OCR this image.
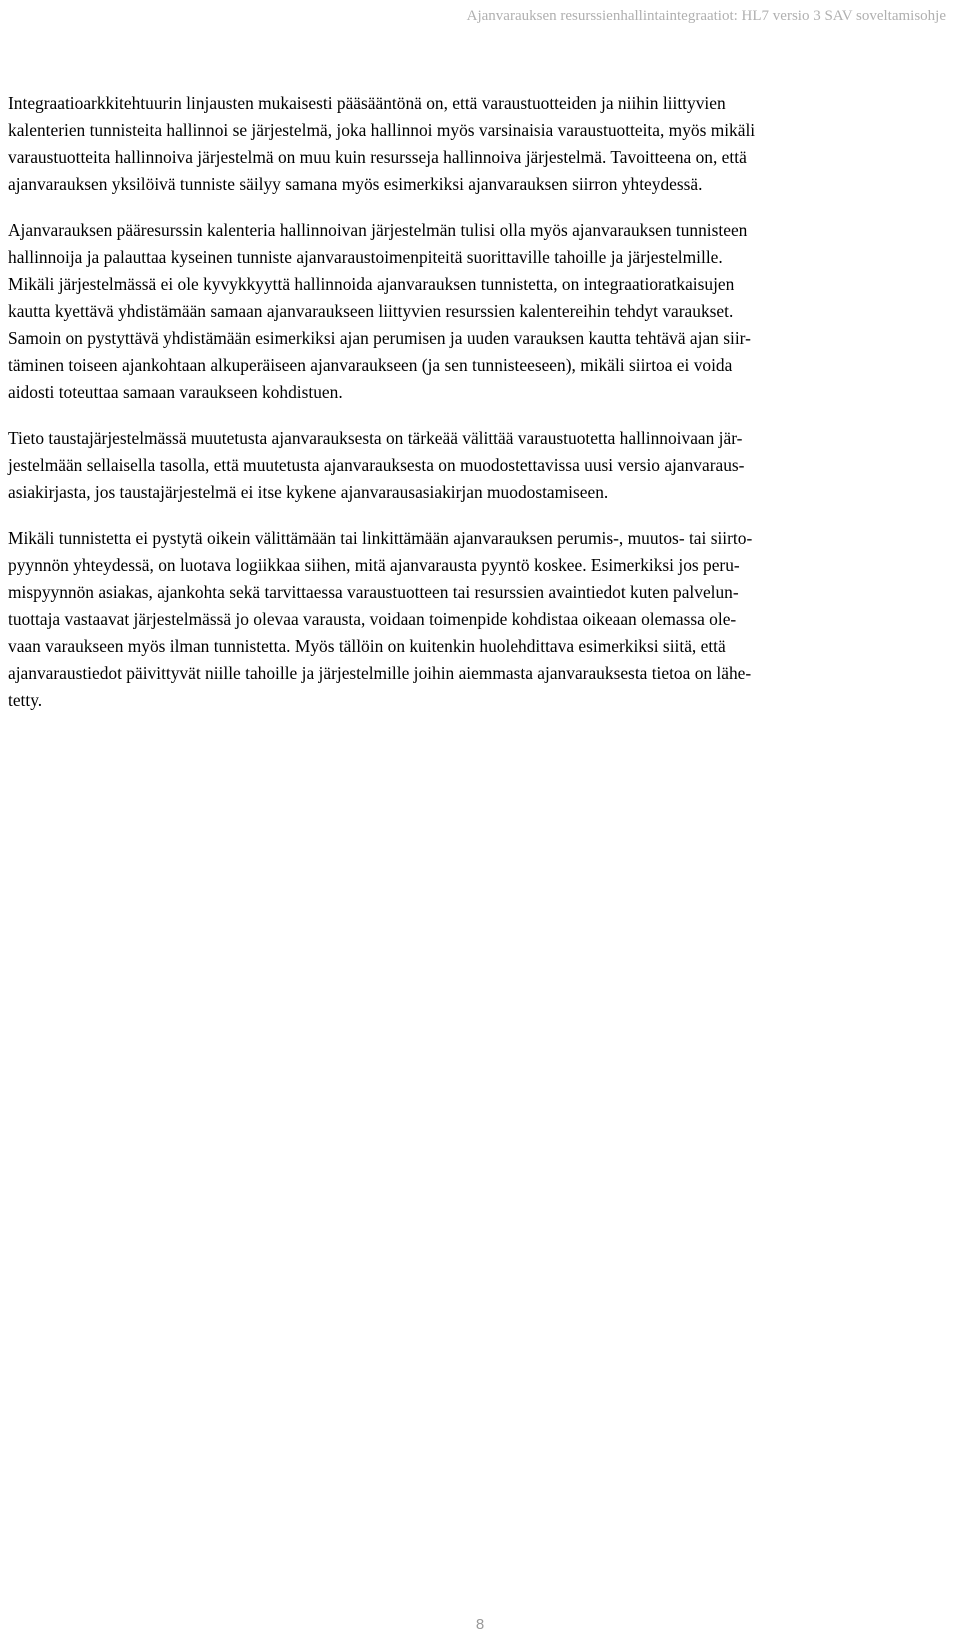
Ajanvarauksen resurssienhallintaintegraatiot: HL7 versio 3 SAV soveltamisohje

Integraatioarkkitehtuurin linjausten mukaisesti pääsääntönä on, että varaustuotteiden ja niihin liittyvien
kalenterien tunnisteita hallinnoi se järjestelmä, joka hallinnoi myös varsinaisia varaustuotteita, myös mikäli
varaustuotteita hallinnoiva järjestelmä on muu kuin resursseja hallinnoiva järjestelmä. Tavoitteena on, että
ajanvarauksen yksilöivä tunniste säilyy samana myös esimerkiksi ajanvarauksen siirron yhteydessä.

Ajanvarauksen pääresurssin kalenteria hallinnoivan järjestelmän tulisi olla myös ajanvarauksen tunnisteen
hallinnoija ja palauttaa kyseinen tunniste ajanvaraustoimenpiteitä suorittaville tahoille ja järjestelmille.
Mikäli järjestelmässä ei ole kyvykkyyttä hallinnoida ajanvarauksen tunnistetta, on integraatioratkaisujen
kautta kyettävä yhdistämään samaan ajanvaraukseen liittyvien resurssien kalentereihin tehdyt varaukset.
Samoin on pystyttävä yhdistämään esimerkiksi ajan perumisen ja uuden varauksen kautta tehtävä ajan siir-
täminen toiseen ajankohtaan alkuperäiseen ajanvaraukseen (ja sen tunnisteeseen), mikäli siirtoa ei voida
aidosti toteuttaa samaan varaukseen kohdistuen.

Tieto taustajärjestelmässä muutetusta ajanvarauksesta on tärkeää välittää varaustuotetta hallinnoivaan jär-
jestelmään sellaisella tasolla, että muutetusta ajanvarauksesta on muodostettavissa uusi versio ajanvaraus-
asiakirjasta, jos taustajärjestelmä ei itse kykene ajanvarausasiakirjan muodostamiseen.

Mikäli tunnistetta ei pystytä oikein välittämään tai linkittämään ajanvarauksen perumis-, muutos- tai siirto-
pyynnön yhteydessä, on luotava logiikkaa siihen, mitä ajanvarausta pyyntö koskee. Esimerkiksi jos peru-
mispyynnön asiakas, ajankohta sekä tarvittaessa varaustuotteen tai resurssien avaintiedot kuten palvelun-
tuottaja vastaavat järjestelmässä jo olevaa varausta, voidaan toimenpide kohdistaa oikeaan olemassa ole-
vaan varaukseen myös ilman tunnistetta. Myös tällöin on kuitenkin huolehdittava esimerkiksi siitä, että
ajanvaraustiedot päivittyvät niille tahoille ja järjestelmille joihin aiemmasta ajanvarauksesta tietoa on lähe-
tetty.

8
